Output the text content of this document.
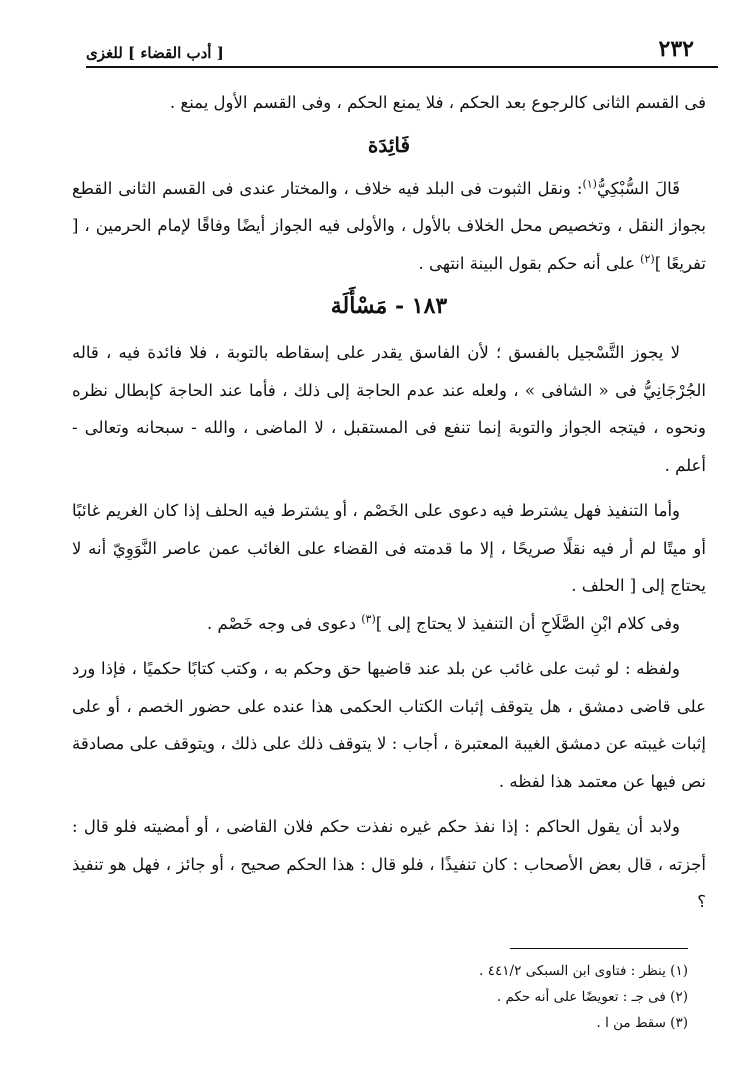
٢٣٢
[ أدب القضاء ] للغزى

فى القسم الثانى كالرجوع بعد الحكم ، فلا يمنع الحكم ، وفى القسم الأول يمنع .

فَائِدَة

قَالَ السُّبْكِيُّ$^{(١)}$: ونقل الثبوت فى البلد فيه خلاف ، والمختار عندى فى القسم الثانى القطع بجواز النقل ، وتخصيص محل الخلاف بالأول ، والأولى فيه الجواز أيضًا وفاقًا لإمام الحرمين ، [ تفريعًا ]$^{(٢)}$ على أنه حكم بقول البينة انتهى .

١٨٣ - مَسْأَلَة

لا يجوز التَّسْجيل بالفسق ؛ لأن الفاسق يقدر على إسقاطه بالتوبة ، فلا فائدة فيه ، قاله الجُرْجَانِيُّ فى « الشافى » ، ولعله عند عدم الحاجة إلى ذلك ، فأما عند الحاجة كإبطال نظره ونحوه ، فيتجه الجواز والتوبة إنما تنفع فى المستقبل ، لا الماضى ، والله - سبحانه وتعالى - أعلم .

وأما التنفيذ فهل يشترط فيه دعوى على الخَصْم ، أو يشترط فيه الحلف إذا كان الغريم غائبًا أو ميتًا لم أر فيه نقلًا صريحًا ، إلا ما قدمته فى القضاء على الغائب عمن عاصر النَّوَوِيّ أنه لا يحتاج إلى [ الحلف .

وفى كلام ابْنِ الصَّلَاحِ أن التنفيذ لا يحتاج إلى ]$^{(٣)}$ دعوى فى وجه خَصْم .

ولفظه : لو ثبت على غائب عن بلد عند قاضيها حق وحكم به ، وكتب كتابًا حكميًا ، فإذا ورد على قاضى دمشق ، هل يتوقف إثبات الكتاب الحكمى هذا عنده على حضور الخصم ، أو على إثبات غيبته عن دمشق الغيبة المعتبرة ، أجاب : لا يتوقف ذلك على ذلك ، ويتوقف على مصادقة نص فيها عن معتمد هذا لفظه .

ولابد أن يقول الحاكم : إذا نفذ حكم غيره نفذت حكم فلان القاضى ، أو أمضيته فلو قال : أجزته ، قال بعض الأصحاب : كان تنفيذًا ، فلو قال : هذا الحكم صحيح ، أو جائز ، فهل هو تنفيذ ؟

(١) ينظر : فتاوى ابن السبكى ٤٤١/٢ .

(٢) فى جـ : تعويضًا على أنه حكم .

(٣) سقط من ا .
